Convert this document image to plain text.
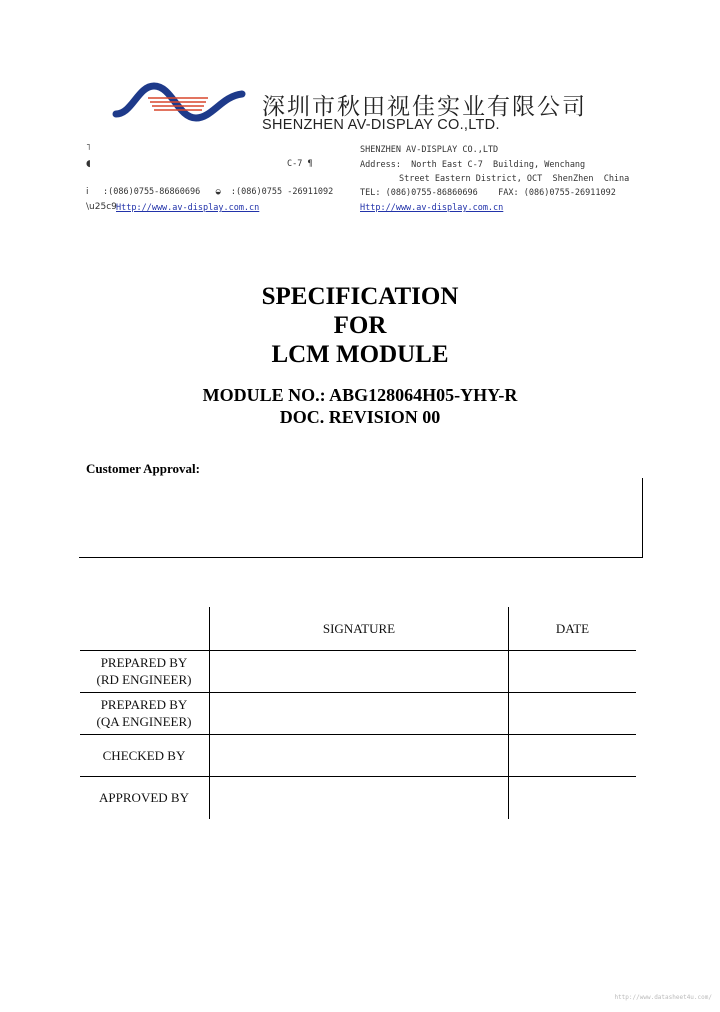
深圳市秋田视佳实业有限公司
SHENZHEN AV-DISPLAY CO.,LTD.
˥
◖	C-7 ¶
i :(086)0755-86860696   ◒  :(086)0755 -26911092
\u25c9 Http://www.av-display.com.cn
SHENZHEN AV-DISPLAY CO.,LTD
Address:  North East C-7  Building, Wenchang
Street Eastern District, OCT  ShenZhen  China
TEL: (086)0755-86860696    FAX: (086)0755-26911092
Http://www.av-display.com.cn
SPECIFICATION
FOR
LCM MODULE
MODULE NO.: ABG128064H05-YHY-R
DOC. REVISION 00
Customer Approval:
SIGNATURE	DATE
PREPARED BY
(RD ENGINEER)
PREPARED BY
(QA ENGINEER)
CHECKED BY
APPROVED BY
http://www.datasheet4u.com/
